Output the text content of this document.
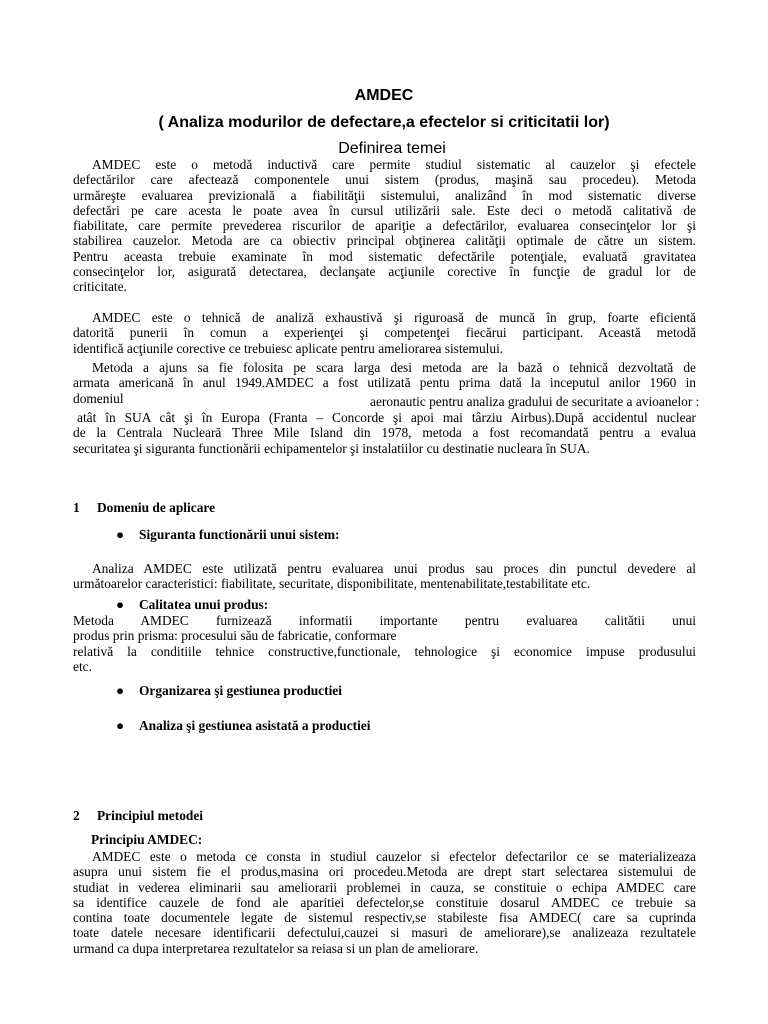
AMDEC
( Analiza modurilor de defectare,a efectelor si criticitatii lor)
Definirea temei
AMDEC este o metodă inductivă care permite studiul sistematic al cauzelor şi efectele
defectărilor care afectează componentele unui sistem (produs, maşină sau procedeu). Metoda
urmăreşte evaluarea previzională a fiabilităţii sistemului, analizând în mod sistematic diverse
defectări pe care acesta le poate avea în cursul utilizării sale. Este deci o metodă calitativă de
fiabilitate, care permite prevederea riscurilor de apariţie a defectărilor, evaluarea consecinţelor lor şi
stabilirea cauzelor. Metoda are ca obiectiv principal obţinerea calităţii optimale de către un sistem.
Pentru aceasta trebuie examinate în mod sistematic defectările potenţiale, evaluată gravitatea
consecinţelor lor, asigurată detectarea, declanşate acţiunile corective în funcţie de gradul lor de
criticitate.
AMDEC este o tehnică de analiză exhaustivă şi riguroasă de muncă în grup, foarte eficientă
datorită punerii în comun a experienţei şi competenţei fiecărui participant. Această metodă
identifică acţiunile corective ce trebuiesc aplicate pentru ameliorarea sistemului.
Metoda a ajuns sa fie folosita pe scara larga desi metoda are la bază o tehnică dezvoltată de
armata americană în anul 1949.AMDEC a fost utilizată pentu prima dată la inceputul anilor 1960 in
domeniul	aeronautic pentru analiza gradului de securitate a avioanelor :
atât în SUA cât şi în Europa (Franta – Concorde şi apoi mai târziu Airbus).După accidentul nuclear
de la Centrala Nucleară Three Mile Island din 1978, metoda a fost recomandată pentru a evalua
securitatea şi siguranta functionării echipamentelor şi instalatiilor cu destinatie nucleara în SUA.
1 Domeniu de aplicare
● Siguranta functionării unui sistem:
Analiza AMDEC este utilizată pentru evaluarea unui produs sau proces din punctul devedere al
următoarelor caracteristici: fiabilitate, securitate, disponibilitate, mentenabilitate,testabilitate etc.
● Calitatea unui produs:
Metoda AMDEC furnizează informatii importante pentru evaluarea calitătii unui
produs prin prisma: procesului său de fabricatie, conformare
relativă la conditiile tehnice constructive,functionale, tehnologice şi economice impuse produsului
etc.
● Organizarea şi gestiunea productiei
● Analiza şi gestiunea asistată a productiei
2 Principiul metodei
Principiu AMDEC:
AMDEC este o metoda ce consta in studiul cauzelor si efectelor defectarilor ce se materializeaza
asupra unui sistem fie el produs,masina ori procedeu.Metoda are drept start selectarea sistemului de
studiat in vederea eliminarii sau ameliorarii problemei in cauza, se constituie o echipa AMDEC care
sa identifice cauzele de fond ale aparitiei defectelor,se constituie dosarul AMDEC ce trebuie sa
contina toate documentele legate de sistemul respectiv,se stabileste fisa AMDEC( care sa cuprinda
toate datele necesare identificarii defectului,cauzei si masuri de ameliorare),se analizeaza rezultatele
urmand ca dupa interpretarea rezultatelor sa reiasa si un plan de ameliorare.
